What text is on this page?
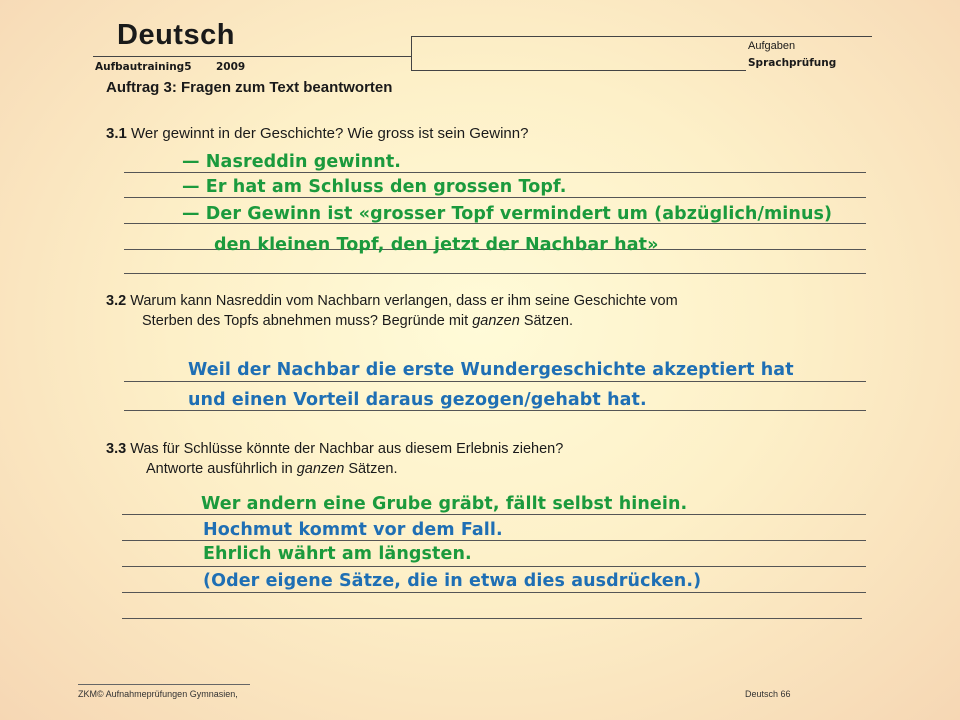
Deutsch
Aufbautraining5 2009
Aufgaben
Sprachprüfung
Auftrag 3: Fragen zum Text beantworten
3.1 Wer gewinnt in der Geschichte? Wie gross ist sein Gewinn?
— Nasreddin gewinnt.
— Er hat am Schluss den grossen Topf.
— Der Gewinn ist «grosser Topf vermindert um (abzüglich/minus)
den kleinen Topf, den jetzt der Nachbar hat»
3.2 Warum kann Nasreddin vom Nachbarn verlangen, dass er ihm seine Geschichte vom
Sterben des Topfs abnehmen muss? Begründe mit ganzen Sätzen.
Weil der Nachbar die erste Wundergeschichte akzeptiert hat
und einen Vorteil daraus gezogen/gehabt hat.
3.3 Was für Schlüsse könnte der Nachbar aus diesem Erlebnis ziehen?
Antworte ausführlich in ganzen Sätzen.
Wer andern eine Grube gräbt, fällt selbst hinein.
Hochmut kommt vor dem Fall.
Ehrlich währt am längsten.
(Oder eigene Sätze, die in etwa dies ausdrücken.)
ZKM© Aufnahmeprüfungen Gymnasien,	Deutsch 66
